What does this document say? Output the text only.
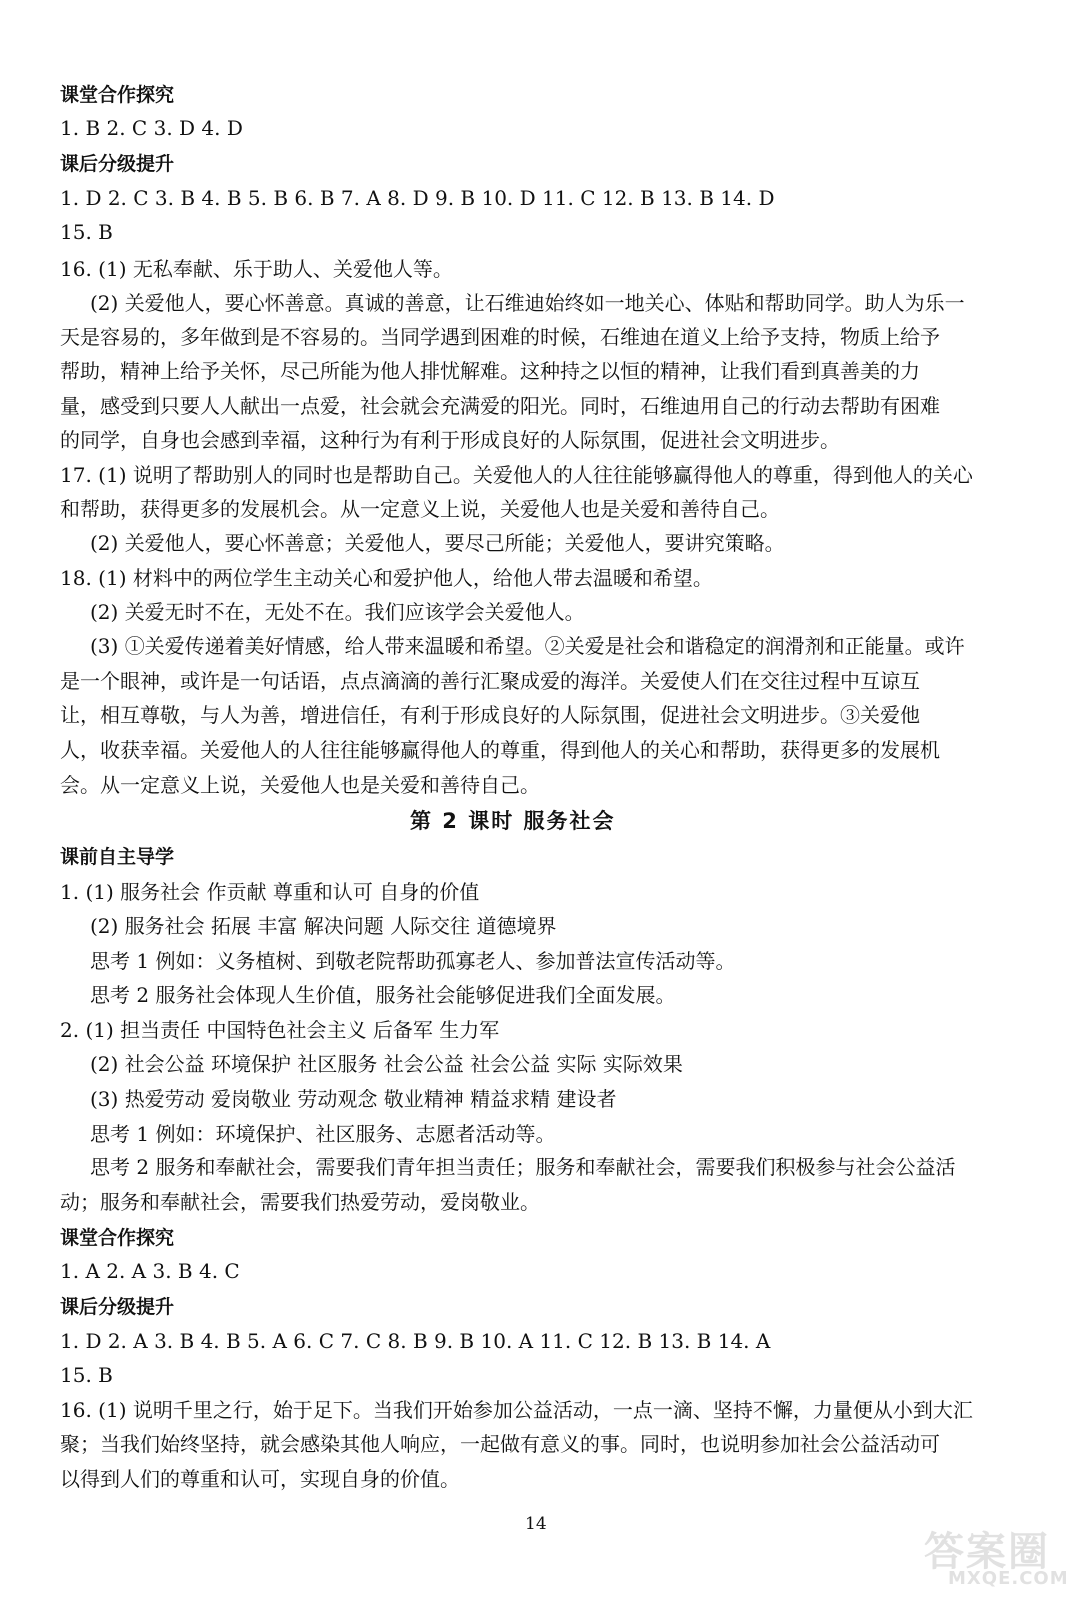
课堂合作探究
1. B 2. C 3. D 4. D
课后分级提升
1. D 2. C 3. B 4. B 5. B 6. B 7. A 8. D 9. B 10. D 11. C 12. B 13. B 14. D
15. B
16. (1) 无私奉献、乐于助人、关爱他人等。
(2) 关爱他人，要心怀善意。真诚的善意，让石维迪始终如一地关心、体贴和帮助同学。助人为乐一
天是容易的，多年做到是不容易的。当同学遇到困难的时候，石维迪在道义上给予支持，物质上给予
帮助，精神上给予关怀，尽己所能为他人排忧解难。这种持之以恒的精神，让我们看到真善美的力
量，感受到只要人人献出一点爱，社会就会充满爱的阳光。同时，石维迪用自己的行动去帮助有困难
的同学，自身也会感到幸福，这种行为有利于形成良好的人际氛围，促进社会文明进步。
17. (1) 说明了帮助别人的同时也是帮助自己。关爱他人的人往往能够赢得他人的尊重，得到他人的关心
和帮助，获得更多的发展机会。从一定意义上说，关爱他人也是关爱和善待自己。
(2) 关爱他人，要心怀善意；关爱他人，要尽己所能；关爱他人，要讲究策略。
18. (1) 材料中的两位学生主动关心和爱护他人，给他人带去温暖和希望。
(2) 关爱无时不在，无处不在。我们应该学会关爱他人。
(3) ①关爱传递着美好情感，给人带来温暖和希望。②关爱是社会和谐稳定的润滑剂和正能量。或许
是一个眼神，或许是一句话语，点点滴滴的善行汇聚成爱的海洋。关爱使人们在交往过程中互谅互
让，相互尊敬，与人为善，增进信任，有利于形成良好的人际氛围，促进社会文明进步。③关爱他
人，收获幸福。关爱他人的人往往能够赢得他人的尊重，得到他人的关心和帮助，获得更多的发展机
会。从一定意义上说，关爱他人也是关爱和善待自己。
第 2 课时 服务社会
课前自主导学
1. (1) 服务社会 作贡献 尊重和认可 自身的价值
(2) 服务社会 拓展 丰富 解决问题 人际交往 道德境界
思考 1 例如：义务植树、到敬老院帮助孤寡老人、参加普法宣传活动等。
思考 2 服务社会体现人生价值，服务社会能够促进我们全面发展。
2. (1) 担当责任 中国特色社会主义 后备军 生力军
(2) 社会公益 环境保护 社区服务 社会公益 社会公益 实际 实际效果
(3) 热爱劳动 爱岗敬业 劳动观念 敬业精神 精益求精 建设者
思考 1 例如：环境保护、社区服务、志愿者活动等。
思考 2 服务和奉献社会，需要我们青年担当责任；服务和奉献社会，需要我们积极参与社会公益活
动；服务和奉献社会，需要我们热爱劳动，爱岗敬业。
课堂合作探究
1. A 2. A 3. B 4. C
课后分级提升
1. D 2. A 3. B 4. B 5. A 6. C 7. C 8. B 9. B 10. A 11. C 12. B 13. B 14. A
15. B
16. (1) 说明千里之行，始于足下。当我们开始参加公益活动，一点一滴、坚持不懈，力量便从小到大汇
聚；当我们始终坚持，就会感染其他人响应，一起做有意义的事。同时，也说明参加社会公益活动可
以得到人们的尊重和认可，实现自身的价值。
14
答案圈
MXQE.COM
